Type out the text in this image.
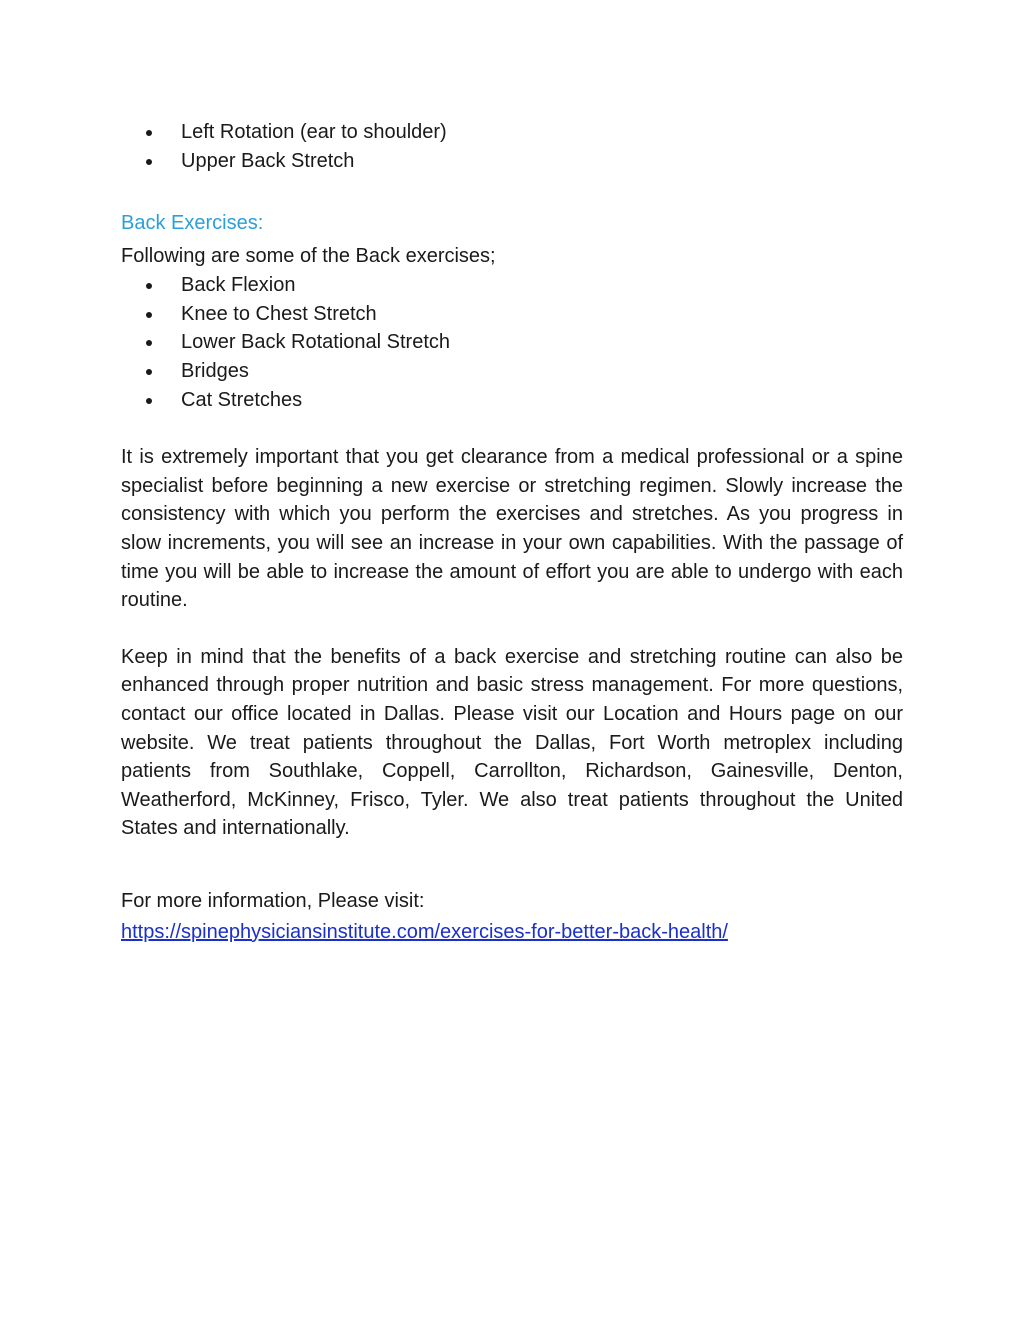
Left Rotation (ear to shoulder)
Upper Back Stretch
Back Exercises:
Following are some of the Back exercises;
Back Flexion
Knee to Chest Stretch
Lower Back Rotational Stretch
Bridges
Cat Stretches

It is extremely important that you get clearance from a medical professional or a spine specialist before beginning a new exercise or stretching regimen. Slowly increase the consistency with which you perform the exercises and stretches. As you progress in slow increments, you will see an increase in your own capabilities. With the passage of time you will be able to increase the amount of effort you are able to undergo with each routine.

Keep in mind that the benefits of a back exercise and stretching routine can also be enhanced through proper nutrition and basic stress management. For more questions, contact our office located in Dallas. Please visit our Location and Hours page on our website. We treat patients throughout the Dallas, Fort Worth metroplex including patients from Southlake, Coppell, Carrollton, Richardson, Gainesville, Denton, Weatherford, McKinney, Frisco, Tyler. We also treat patients throughout the United States and internationally.

For more information, Please visit:
https://spinephysiciansinstitute.com/exercises-for-better-back-health/
